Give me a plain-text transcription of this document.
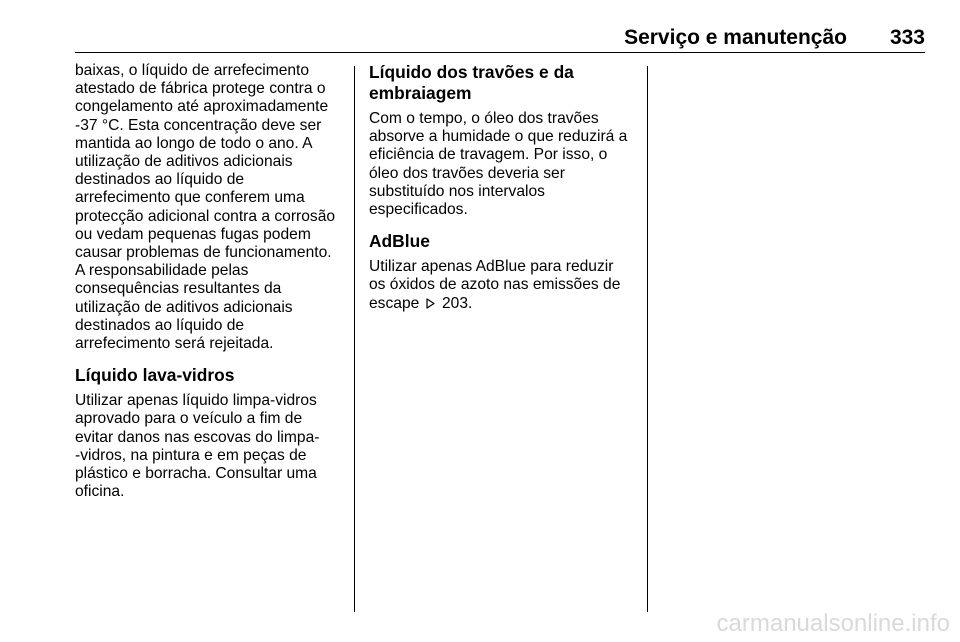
Serviço e manutenção 333
baixas, o líquido de arrefecimento
atestado de fábrica protege contra o
congelamento até aproximadamente
-37 °C. Esta concentração deve ser
mantida ao longo de todo o ano. A
utilização de aditivos adicionais
destinados ao líquido de
arrefecimento que conferem uma
protecção adicional contra a corrosão
ou vedam pequenas fugas podem
causar problemas de funcionamento.
A responsabilidade pelas
consequências resultantes da
utilização de aditivos adicionais
destinados ao líquido de
arrefecimento será rejeitada.
Líquido lava-vidros
Utilizar apenas líquido limpa-vidros
aprovado para o veículo a fim de
evitar danos nas escovas do limpa-
-vidros, na pintura e em peças de
plástico e borracha. Consultar uma
oficina.
Líquido dos travões e da
embraiagem
Com o tempo, o óleo dos travões
absorve a humidade o que reduzirá a
eficiência de travagem. Por isso, o
óleo dos travões deveria ser
substituído nos intervalos
especificados.
AdBlue
Utilizar apenas AdBlue para reduzir
os óxidos de azoto nas emissões de
escape 203.
carmanualsonline.info
